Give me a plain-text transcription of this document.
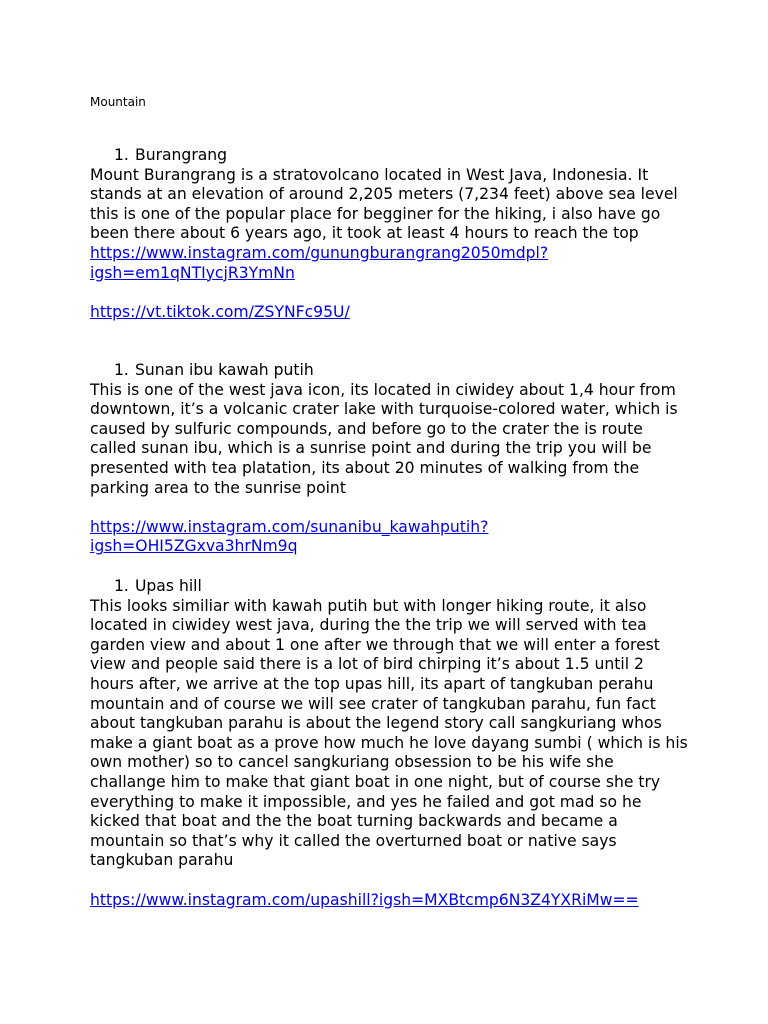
Mountain
1. Burangrang

Mount Burangrang is a stratovolcano located in West Java, Indonesia. It stands at an elevation of around 2,205 meters (7,234 feet) above sea level this is one of the popular place for begginer for the hiking, i also have go been there about 6 years ago, it took at least 4 hours to reach the top

https://www.instagram.com/gunungburangrang2050mdpl?
igsh=em1qNTIycjR3YmNn

https://vt.tiktok.com/ZSYNFc95U/

1. Sunan ibu kawah putih

This is one of the west java icon, its located in ciwidey about 1,4 hour from downtown, it’s a volcanic crater lake with turquoise-colored water, which is caused by sulfuric compounds, and before go to the crater the is route called sunan ibu, which is a sunrise point and during the trip you will be presented with tea platation, its about 20 minutes of walking from the parking area to the sunrise point

https://www.instagram.com/sunanibu_kawahputih?
igsh=OHI5ZGxva3hrNm9q

1. Upas hill

This looks similiar with kawah putih but with longer hiking route, it also located in ciwidey west java, during the the trip we will served with tea garden view and about 1 one after we through that we will enter a forest view and people said there is a lot of bird chirping it’s about 1.5 until 2 hours after, we arrive at the top upas hill, its apart of tangkuban perahu mountain and of course we will see crater of tangkuban parahu, fun fact about tangkuban parahu is about the legend story call sangkuriang whos make a giant boat as a prove how much he love dayang sumbi ( which is his own mother) so to cancel sangkuriang obsession to be his wife she challange him to make that giant boat in one night, but of course she try everything to make it impossible, and yes he failed and got mad so he kicked that boat and the the boat turning backwards and became a mountain so that’s why it called the overturned boat or native says tangkuban parahu

https://www.instagram.com/upashill?igsh=MXBtcmp6N3Z4YXRiMw==
